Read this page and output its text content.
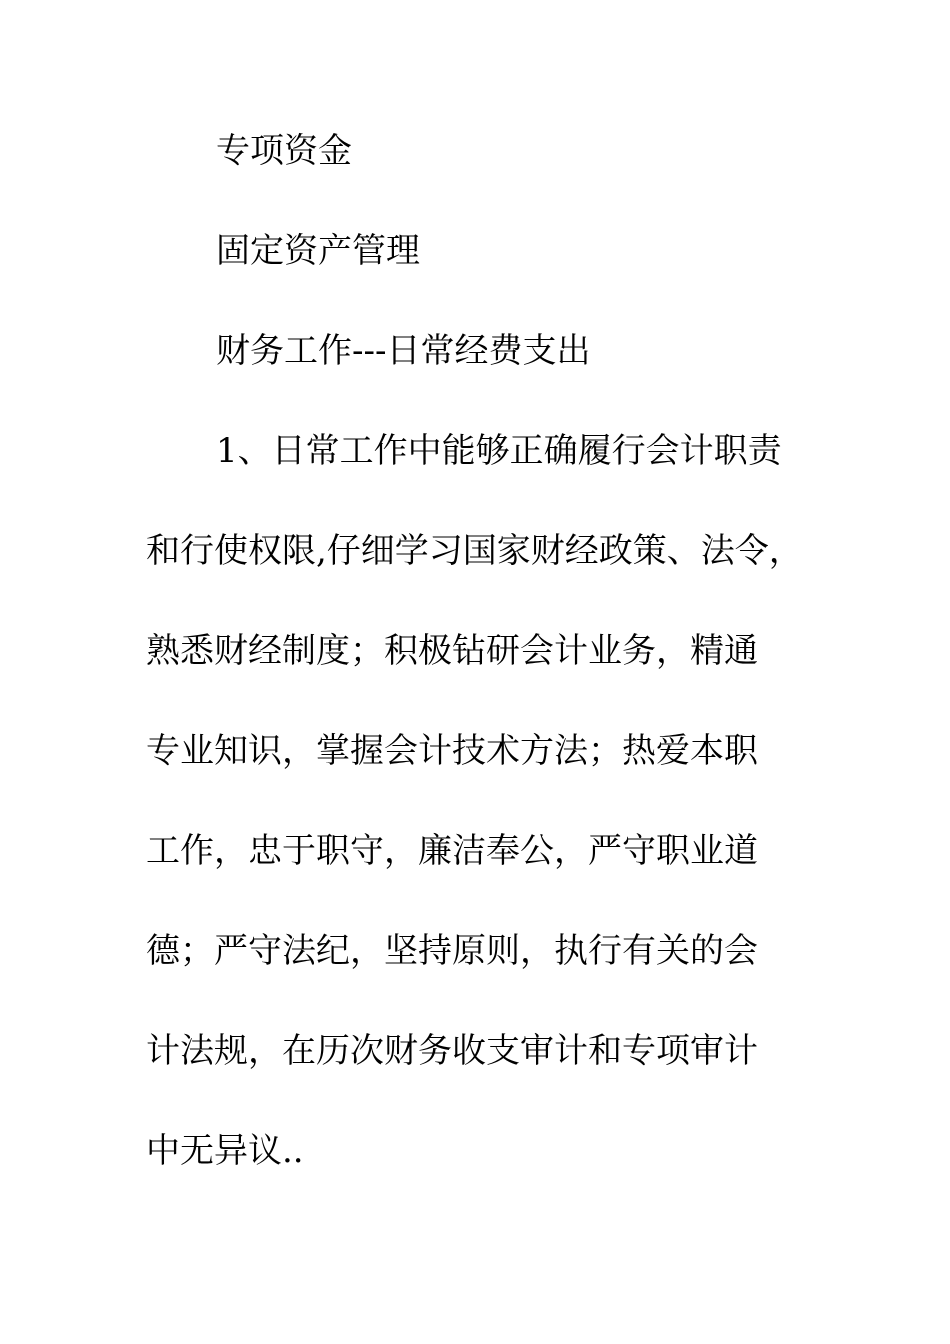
专项资金
固定资产管理
财务工作---日常经费支出
1、日常工作中能够正确履行会计职责
和行使权限,仔细学习国家财经政策、法令，
熟悉财经制度；积极钻研会计业务，精通
专业知识，掌握会计技术方法；热爱本职
工作，忠于职守，廉洁奉公，严守职业道
德；严守法纪，坚持原则，执行有关的会
计法规，在历次财务收支审计和专项审计
中无异议..
